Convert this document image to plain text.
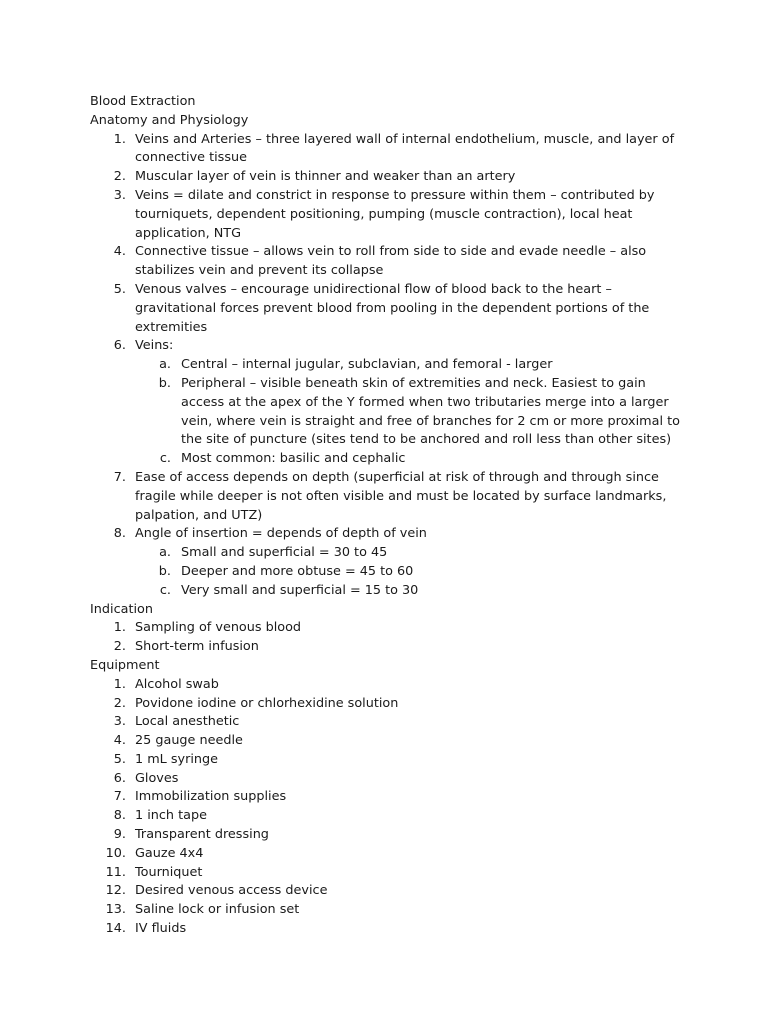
Blood Extraction
Anatomy and Physiology
1. Veins and Arteries – three layered wall of internal endothelium, muscle, and layer of connective tissue
2. Muscular layer of vein is thinner and weaker than an artery
3. Veins = dilate and constrict in response to pressure within them – contributed by tourniquets, dependent positioning, pumping (muscle contraction), local heat application, NTG
4. Connective tissue – allows vein to roll from side to side and evade needle – also stabilizes vein and prevent its collapse
5. Venous valves – encourage unidirectional flow of blood back to the heart – gravitational forces prevent blood from pooling in the dependent portions of the extremities
6. Veins:
a. Central – internal jugular, subclavian, and femoral - larger
b. Peripheral – visible beneath skin of extremities and neck. Easiest to gain access at the apex of the Y formed when two tributaries merge into a larger vein, where vein is straight and free of branches for 2 cm or more proximal to the site of puncture (sites tend to be anchored and roll less than other sites)
c. Most common: basilic and cephalic
7. Ease of access depends on depth (superficial at risk of through and through since fragile while deeper is not often visible and must be located by surface landmarks, palpation, and UTZ)
8. Angle of insertion = depends of depth of vein
a. Small and superficial = 30 to 45
b. Deeper and more obtuse = 45 to 60
c. Very small and superficial = 15 to 30
Indication
1. Sampling of venous blood
2. Short-term infusion
Equipment
1. Alcohol swab
2. Povidone iodine or chlorhexidine solution
3. Local anesthetic
4. 25 gauge needle
5. 1 mL syringe
6. Gloves
7. Immobilization supplies
8. 1 inch tape
9. Transparent dressing
10. Gauze 4x4
11. Tourniquet
12. Desired venous access device
13. Saline lock or infusion set
14. IV fluids
